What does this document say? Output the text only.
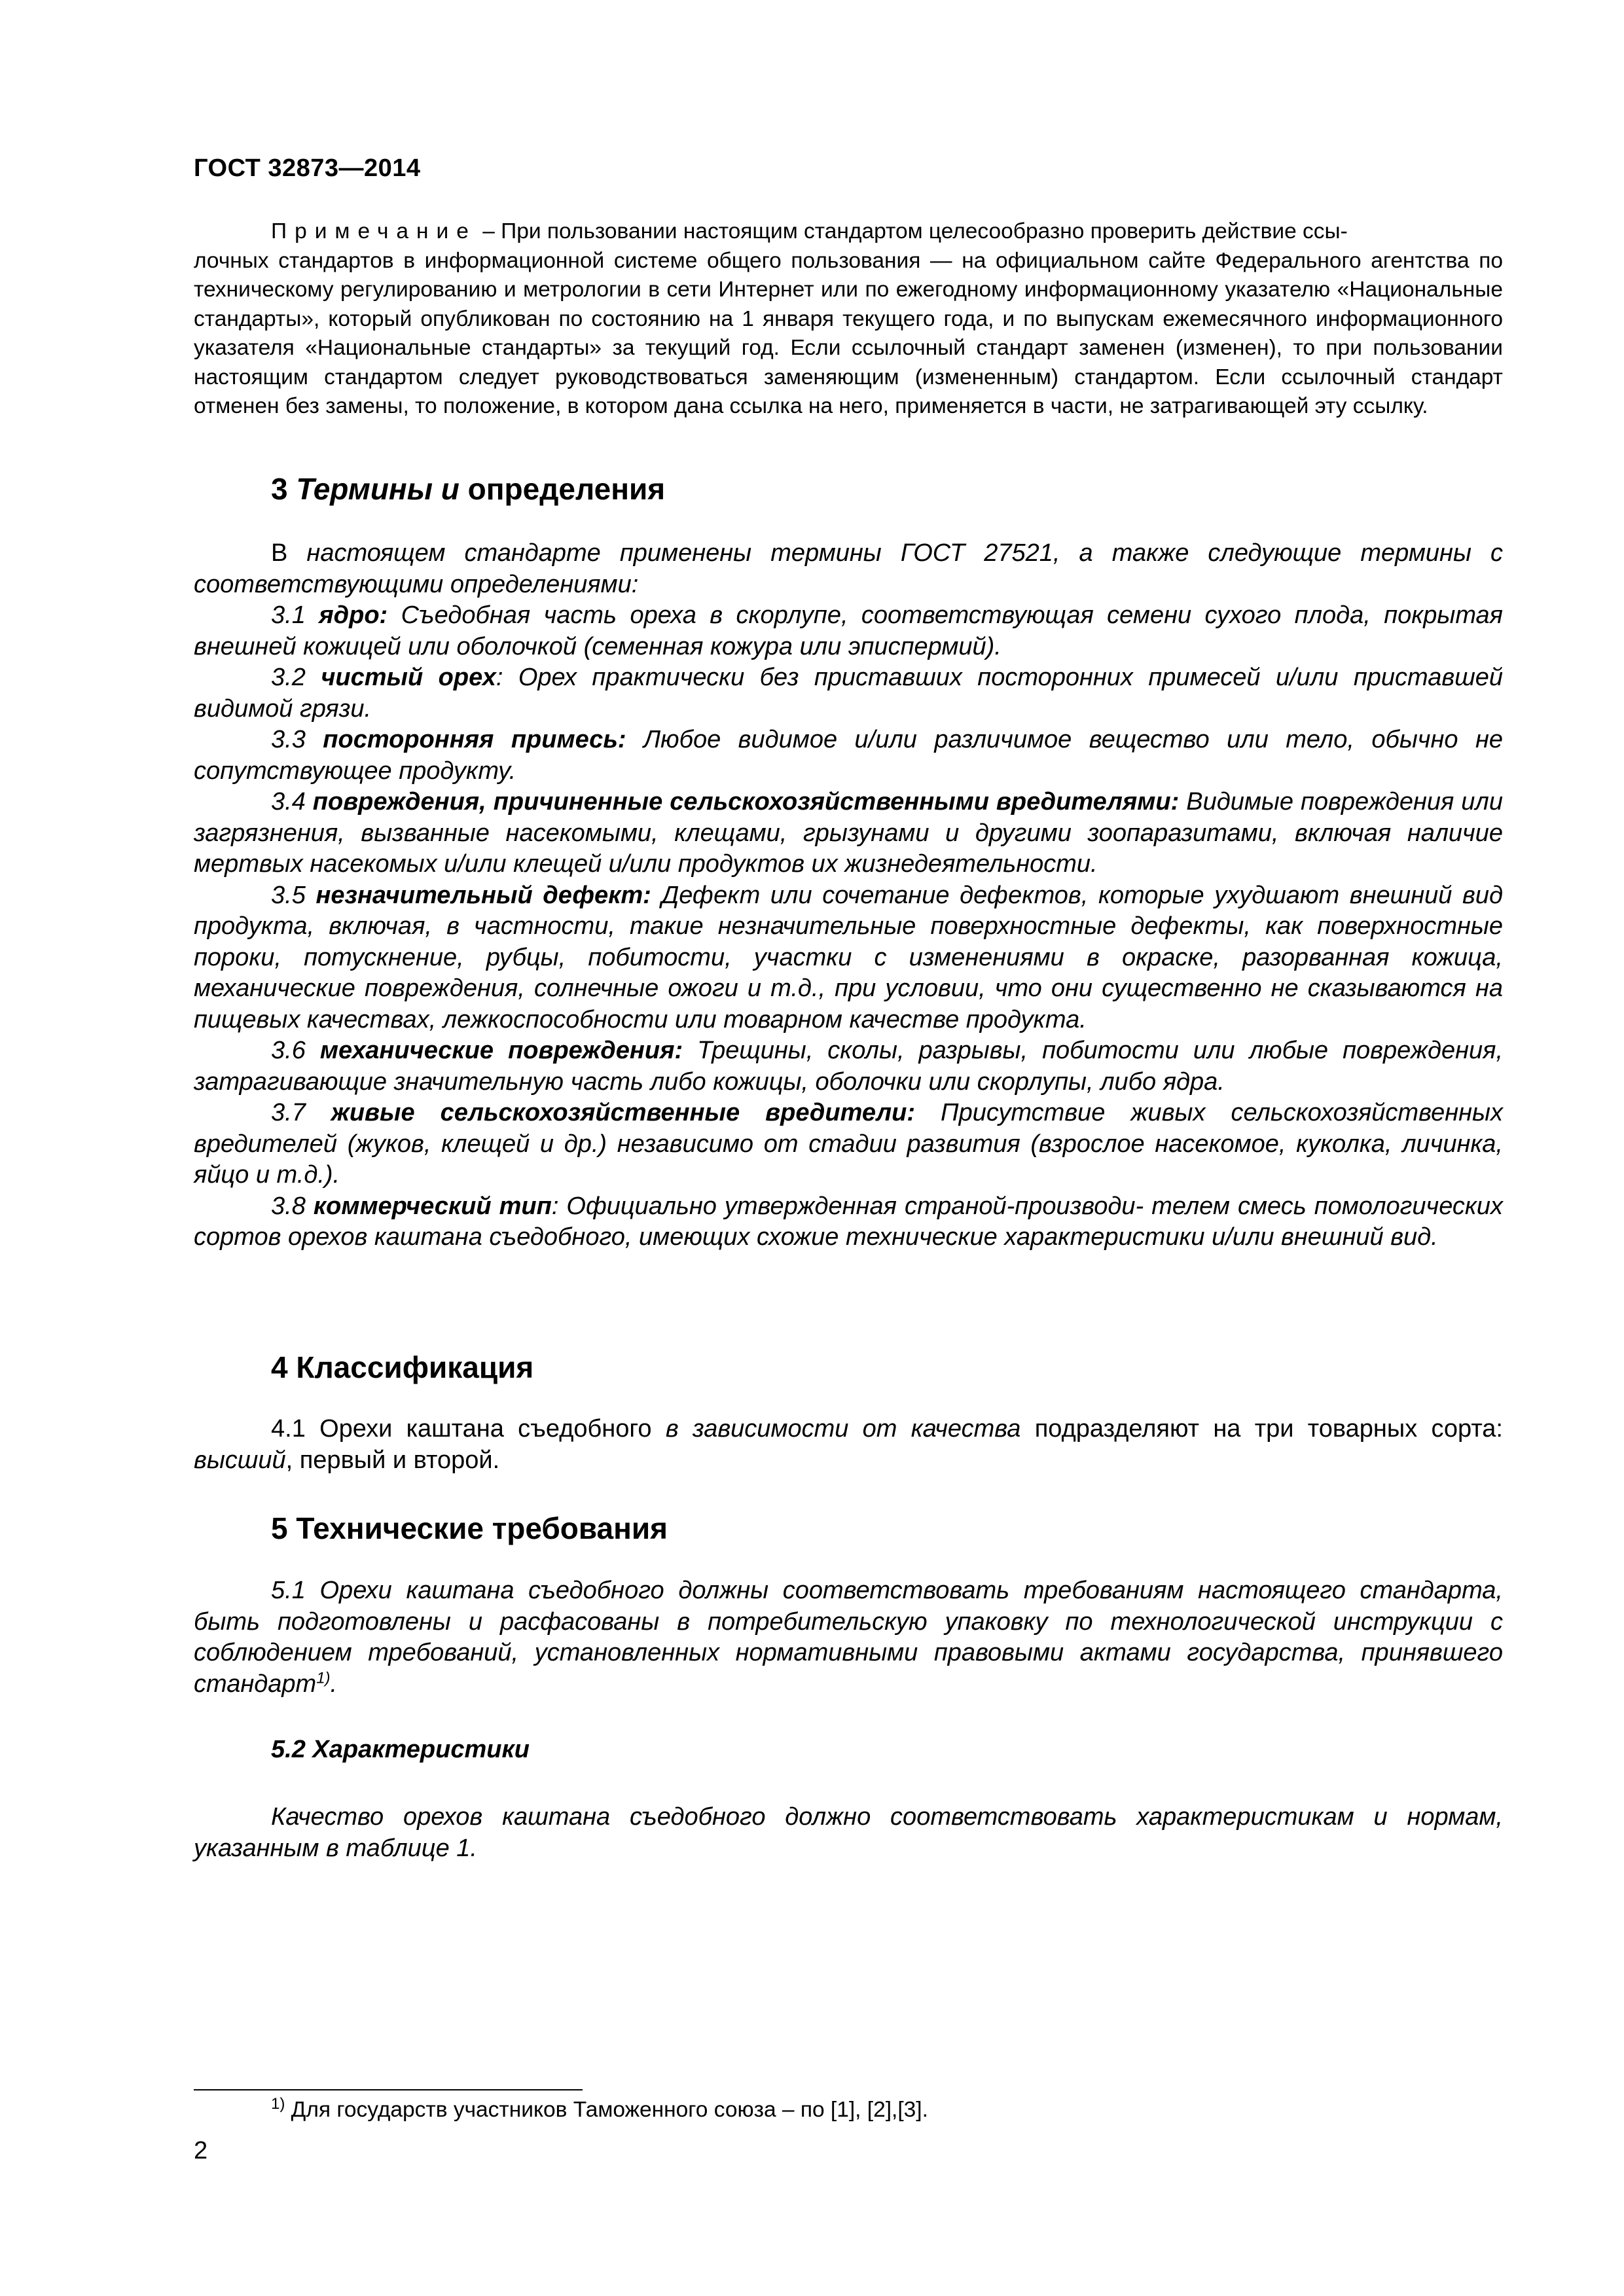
ГОСТ 32873—2014
Примечание – При пользовании настоящим стандартом целесообразно проверить действие ссы-
лочных стандартов в информационной системе общего пользования — на официальном сайте Федерального агентства по техническому регулированию и метрологии в сети Интернет или по ежегодному информационному указателю «Национальные стандарты», который опубликован по состоянию на 1 января текущего года, и по выпускам ежемесячного информационного указателя «Национальные стандарты» за текущий год. Если ссылочный стандарт заменен (изменен), то при пользовании настоящим стандартом следует руководствоваться заменяющим (измененным) стандартом. Если ссылочный стандарт отменен без замены, то положение, в котором дана ссылка на него, применяется в части, не затрагивающей эту ссылку.
3 Термины и определения

В настоящем стандарте применены термины ГОСТ 27521, а также следующие термины с соответствующими определениями:

3.1 ядро: Съедобная часть ореха в скорлупе, соответствующая семени сухого плода, покрытая внешней кожицей или оболочкой (семенная кожура или эписпермий).

3.2 чистый орех: Орех практически без приставших посторонних примесей и/или приставшей видимой грязи.

3.3 посторонняя примесь: Любое видимое и/или различимое вещество или тело, обычно не сопутствующее продукту.

3.4 повреждения, причиненные сельскохозяйственными вредителями: Видимые повреждения или загрязнения, вызванные насекомыми, клещами, грызунами и другими зоопаразитами, включая наличие мертвых насекомых и/или клещей и/или продуктов их жизнедеятельности.

3.5 незначительный дефект: Дефект или сочетание дефектов, которые ухудшают внешний вид продукта, включая, в частности, такие незначительные поверхностные дефекты, как поверхностные пороки, потускнение, рубцы, побитости, участки с изменениями в окраске, разорванная кожица, механические повреждения, солнечные ожоги и т.д., при условии, что они существенно не сказываются на пищевых качествах, лежкоспособности или товарном качестве продукта.

3.6 механические повреждения: Трещины, сколы, разрывы, побитости или любые повреждения, затрагивающие значительную часть либо кожицы, оболочки или скорлупы, либо ядра.

3.7 живые сельскохозяйственные вредители: Присутствие живых сельскохозяйственных вредителей (жуков, клещей и др.) независимо от стадии развития (взрослое насекомое, куколка, личинка, яйцо и т.д.).

3.8 коммерческий тип: Официально утвержденная страной-производи- телем смесь помологических сортов орехов каштана съедобного, имеющих схожие технические характеристики и/или внешний вид.

4 Классификация

4.1 Орехи каштана съедобного в зависимости от качества подразделяют на три товарных сорта: высший, первый и второй.

5 Технические требования

5.1 Орехи каштана съедобного должны соответствовать требованиям настоящего стандарта, быть подготовлены и расфасованы в потребительскую упаковку по технологической инструкции с соблюдением требований, установленных нормативными правовыми актами государства, принявшего стандарт$^{1)}$.

5.2 Характеристики

Качество орехов каштана съедобного должно соответствовать характеристикам и нормам, указанным в таблице 1.

$^{1)}$ Для государств участников Таможенного союза – по [1], [2],[3].
2
